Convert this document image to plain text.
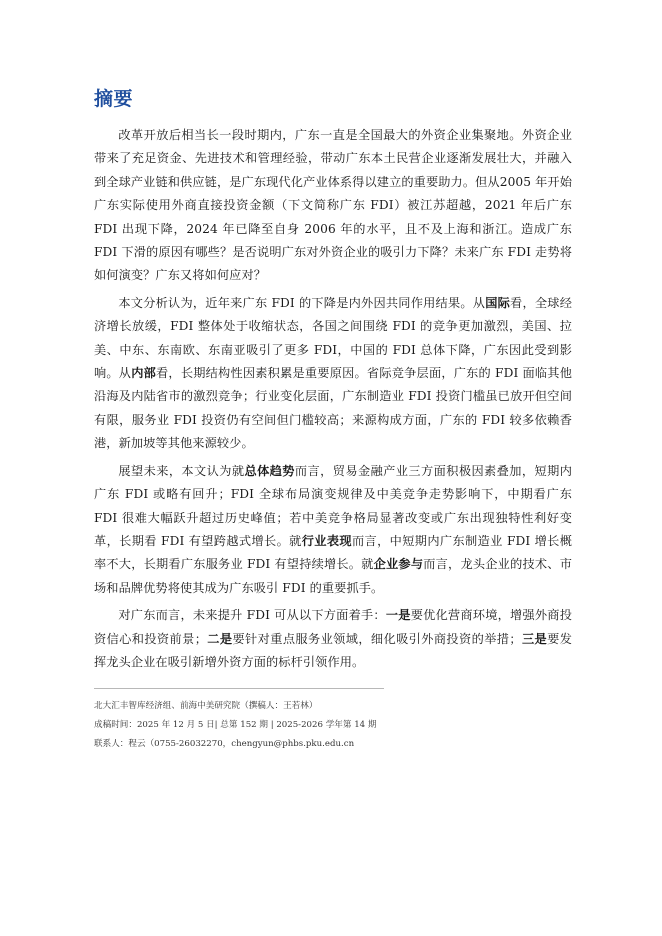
摘要

改革开放后相当长一段时期内，广东一直是全国最大的外资企业集聚地。外资企业带来了充足资金、先进技术和管理经验，带动广东本土民营企业逐渐发展壮大，并融入到全球产业链和供应链，是广东现代化产业体系得以建立的重要助力。但从2005 年开始广东实际使用外商直接投资金额（下文简称广东 FDI）被江苏超越，2021 年后广东 FDI 出现下降，2024 年已降至自身 2006 年的水平，且不及上海和浙江。造成广东 FDI 下滑的原因有哪些？是否说明广东对外资企业的吸引力下降？未来广东 FDI 走势将如何演变？广东又将如何应对？

本文分析认为，近年来广东 FDI 的下降是内外因共同作用结果。从国际看，全球经济增长放缓，FDI 整体处于收缩状态，各国之间围绕 FDI 的竞争更加激烈，美国、拉美、中东、东南欧、东南亚吸引了更多 FDI，中国的 FDI 总体下降，广东因此受到影响。从内部看，长期结构性因素积累是重要原因。省际竞争层面，广东的 FDI 面临其他沿海及内陆省市的激烈竞争；行业变化层面，广东制造业 FDI 投资门槛虽已放开但空间有限，服务业 FDI 投资仍有空间但门槛较高；来源构成方面，广东的 FDI 较多依赖香港，新加坡等其他来源较少。

展望未来，本文认为就总体趋势而言，贸易金融产业三方面积极因素叠加，短期内广东 FDI 或略有回升；FDI 全球布局演变规律及中美竞争走势影响下，中期看广东 FDI 很难大幅跃升超过历史峰值；若中美竞争格局显著改变或广东出现独特性利好变革，长期看 FDI 有望跨越式增长。就行业表现而言，中短期内广东制造业 FDI 增长概率不大，长期看广东服务业 FDI 有望持续增长。就企业参与而言，龙头企业的技术、市场和品牌优势将使其成为广东吸引 FDI 的重要抓手。

对广东而言，未来提升 FDI 可从以下方面着手：一是要优化营商环境，增强外商投资信心和投资前景；二是要针对重点服务业领域，细化吸引外商投资的举措；三是要发挥龙头企业在吸引新增外资方面的标杆引领作用。

北大汇丰智库经济组、前海中美研究院（撰稿人：王若林）
成稿时间：2025 年 12 月 5 日| 总第 152 期 | 2025-2026 学年第 14 期
联系人：程云（0755-26032270，chengyun@phbs.pku.edu.cn
